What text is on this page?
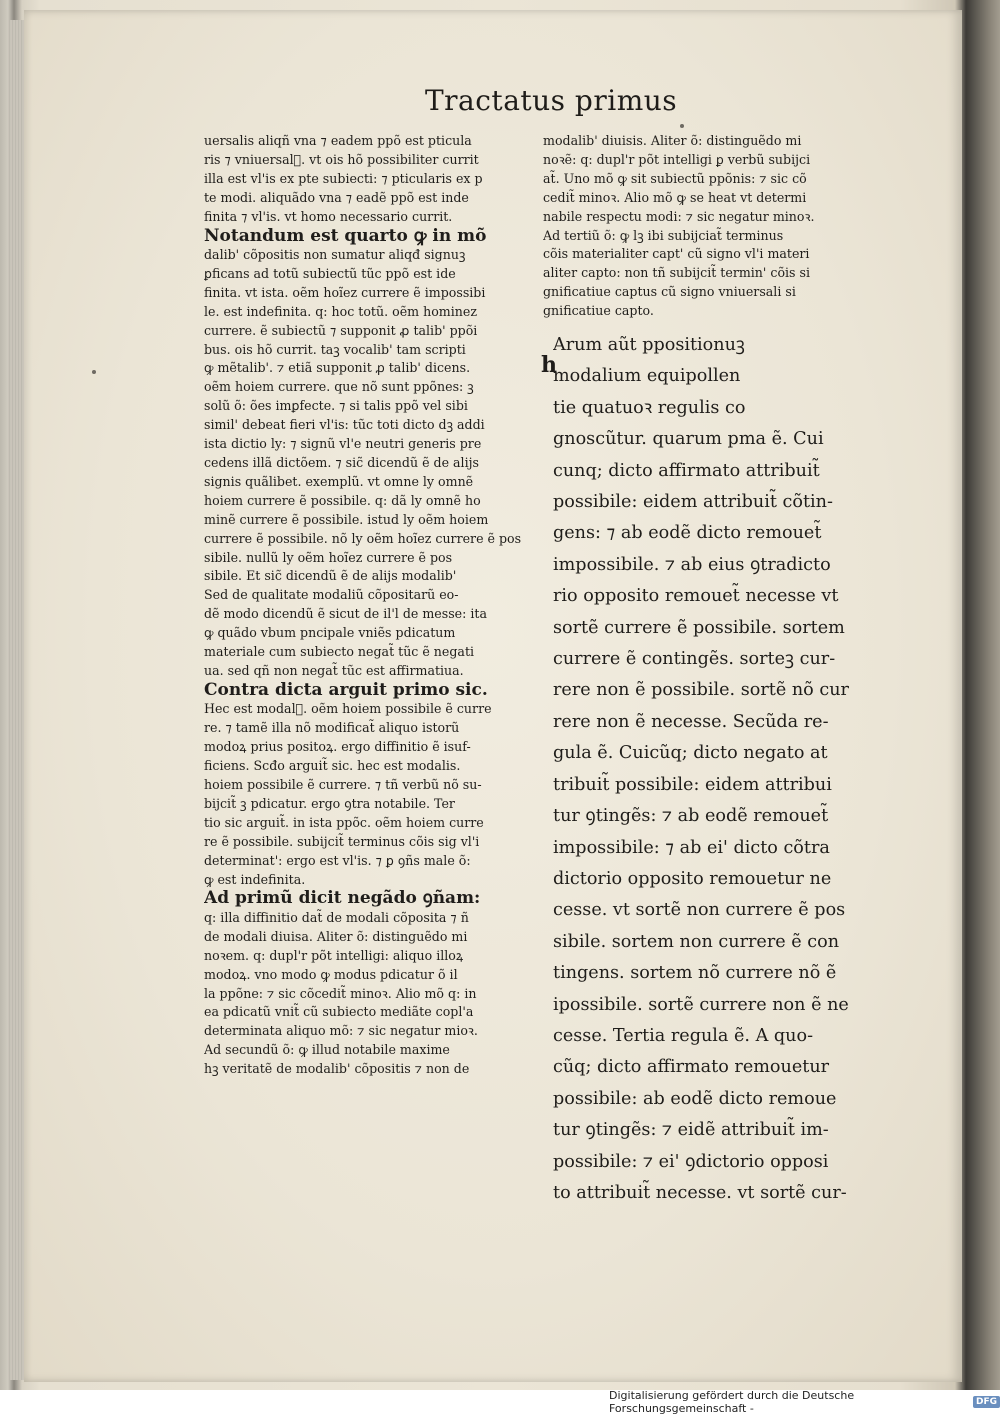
Tractatus primus
uersalis aliqñ vna ⁊ eadem ppõ est pticula
ris ⁊ vniuersal᷑. vt ois hõ possibiliter currit
illa est vl'is ex pte subiecti: ⁊ pticularis ex p
te modi. aliquãdo vna ⁊ eadẽ ppõ est inde
finita ⁊ vl'is. vt homo necessario currit.
Notandum est quarto ꝙ in mõ
dalib' cõpositis non sumatur aliqđ signuꝫ
ꝑficans ad totũ subiectũ tũc ppõ est ide
finita. vt ista. oẽm hoĩez currere ẽ impossibi
le. est indefinita. q: hoc totũ. oẽm hominez
currere. ẽ subiectũ ⁊ supponit ꝓ talib' ppõi
bus. ois hõ currit. taꝫ vocalib' tam scripti
ꝙ mẽtalib'. ⁊ etiã supponit ꝓ talib' dicens.
oẽm hoiem currere. que nõ sunt ppõnes: ꝫ
solũ õ: ões imꝑfecte. ⁊ si talis ppõ vel sibi
simil' debeat fieri vl'is: tũc toti dicto dꝫ addi
ista dictio ly: ⁊ signũ vl'e neutri generis pre
cedens illã dictõem. ⁊ sic̃ dicendũ ẽ de alijs
signis quãlibet. exemplũ. vt omne ly omnẽ
hoiem currere ẽ possibile. q: dã ly omnẽ ho
minẽ currere ẽ possibile. istud ly oẽm hoiem
currere ẽ possibile. nõ ly oẽm hoĩez currere ẽ pos
sibile. nullũ ly oẽm hoĩez currere ẽ pos
sibile. Et sic̃ dicendũ ẽ de alijs modalib'
Sed de qualitate modaliũ cõpositarũ eo-
dẽ modo dicendũ ẽ sicut de il'l de messe: ita
ꝙ quãdo vbum pncipale vniẽs pdicatum
materiale cum subiecto negat̃ tũc ẽ negati
ua. sed qñ non negat̃ tũc est affirmatiua.
Contra dicta arguit̃ primo sic.
Hec est modal᷑. oẽm hoiem possibile ẽ curre
re. ⁊ tamẽ illa nõ modificat̃ aliquo istorũ
modoꝝ prius positoꝝ. ergo diffinitio ẽ isuf-
ficiens. Scđo arguit̃ sic. hec est modalis.
hoiem possibile ẽ currere. ⁊ tñ verbũ nõ su-
bijcit̃ ꝫ pdicatur. ergo ꝯtra notabile. Ter
tio sic arguit̃. in ista ppõc. oẽm hoiem curre
re ẽ possibile. subijcit̃ terminus cõis sig vl'i
determinat': ergo est vl'is. ⁊ ꝑ ꝯñs male õ:
ꝙ est indefinita.
Ad primũ dicit̃ negãdo ꝯñam:
q: illa diffinitio dat̃ de modali cõposita ⁊ ñ
de modali diuisa. Aliter õ: distinguẽdo mi
noꝛem. q: dupl'r põt intelligi: aliquo illoꝝ
modoꝝ. vno modo ꝙ modus pdicatur õ il
la ppõne: ⁊ sic cõcedit̃ minoꝛ. Alio mõ q: in
ea pdicatũ vnit̃ cũ subiecto mediãte copl'a
determinata aliquo mõ: ⁊ sic negatur mioꝛ.
Ad secundũ õ: ꝙ illud notabile maxime
hꝫ veritatẽ de modalib' cõpositis ⁊ non de
modalib' diuisis. Aliter õ: distinguẽdo mi
noꝛẽ: q: dupl'r põt intelligi ꝑ verbũ subijci
at̃. Uno mõ ꝙ sit subiectũ ppõnis: ⁊ sic cõ
cedit̃ minoꝛ. Alio mõ ꝙ se heat vt determi
nabile respectu modi: ⁊ sic negatur minoꝛ.
Ad tertiũ õ: ꝙ lꝫ ibi subijciat̃ terminus
cõis materialiter capt' cũ signo vl'i materi
aliter capto: non tñ subijcit̃ termin' cõis si
gnificatiue captus cũ signo vniuersali si
gnificatiue capto.
h
Arum aũt ppositionuꝫ
modalium equipollen
tie quatuoꝛ regulis co
gnoscũtur. quarum pma ẽ. Cui
cunq; dicto affirmato attribuit̃
possibile: eidem attribuit̃ cõtin-
gens: ⁊ ab eodẽ dicto remouet̃
impossibile. ⁊ ab eius ꝯtradicto
rio opposito remouet̃ necesse vt
sortẽ currere ẽ possibile. sortem
currere ẽ contingẽs. sorteꝫ cur-
rere non ẽ possibile. sortẽ nõ cur
rere non ẽ necesse. Secũda re-
gula ẽ. Cuicũq; dicto negato at
tribuit̃ possibile: eidem attribui
tur ꝯtingẽs: ⁊ ab eodẽ remouet̃
impossibile: ⁊ ab ei' dicto cõtra
dictorio opposito remouetur ne
cesse. vt sortẽ non currere ẽ pos
sibile. sortem non currere ẽ con
tingens. sortem nõ currere nõ ẽ
ipossibile. sortẽ currere non ẽ ne
cesse. Tertia regula ẽ. A quo-
cũq; dicto affirmato remouetur
possibile: ab eodẽ dicto remoue
tur ꝯtingẽs: ⁊ eidẽ attribuit̃ im-
possibile: ⁊ ei' ꝯdictorio opposi
to attribuit̃ necesse. vt sortẽ cur-
Digitalisierung gefördert durch die Deutsche Forschungsgemeinschaft -	DFG
